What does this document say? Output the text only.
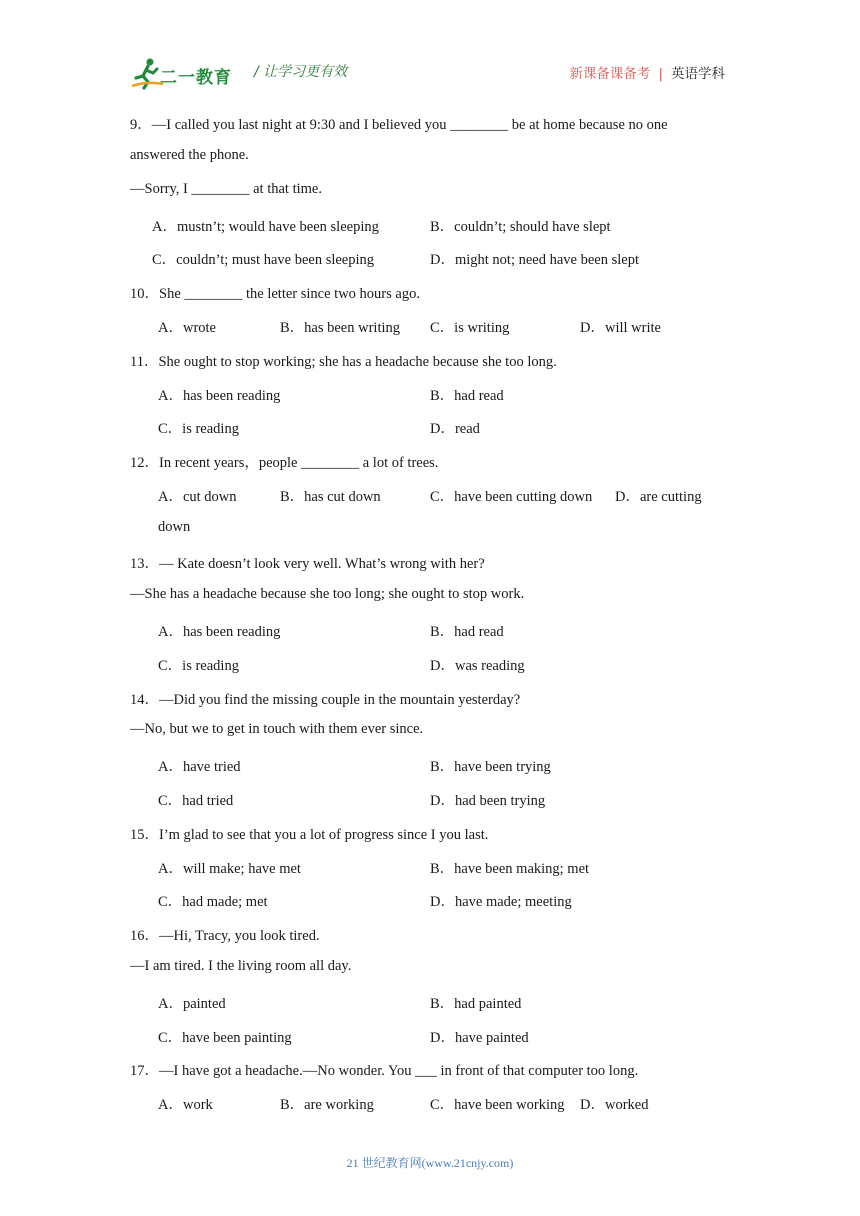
二一教育 / 让学习更有效	新课备课备考 | 英语学科
9．—I called you last night at 9:30 and I believed you ________ be at home because no one
answered the phone.
—Sorry, I ________ at that time.
A．mustn’t; would have been sleeping	B．couldn’t; should have slept
C．couldn’t; must have been sleeping	D．might not; need have been slept
10．She ________ the letter since two hours ago.
A．wrote	B．has been writing C．is writing	D．will write
11．She ought to stop working; she has a headache because she too long.
A．has been reading	B．had read
C．is reading	D．read
12．In recent years，people ________ a lot of trees.
A．cut down	B．has cut down	C．have been cutting down D．are cutting
down
13．— Kate doesn’t look very well. What’s wrong with her?
—She has a headache because she too long; she ought to stop work.
A．has been reading	B．had read
C．is reading	D．was reading
14．—Did you find the missing couple in the mountain yesterday?
—No, but we to get in touch with them ever since.
A．have tried	B．have been trying
C．had tried	D．had been trying
15．I’m glad to see that you a lot of progress since I you last.
A．will make; have met	B．have been making; met
C．had made; met	D．have made; meeting
16．—Hi, Tracy, you look tired.
—I am tired. I the living room all day.
A．painted	B．had painted
C．have been painting	D．have painted
17．—I have got a headache.—No wonder. You ___ in front of that computer too long.
A．work	B．are working	C．have been working D．worked
21 世纪教育网(www.21cnjy.com)
